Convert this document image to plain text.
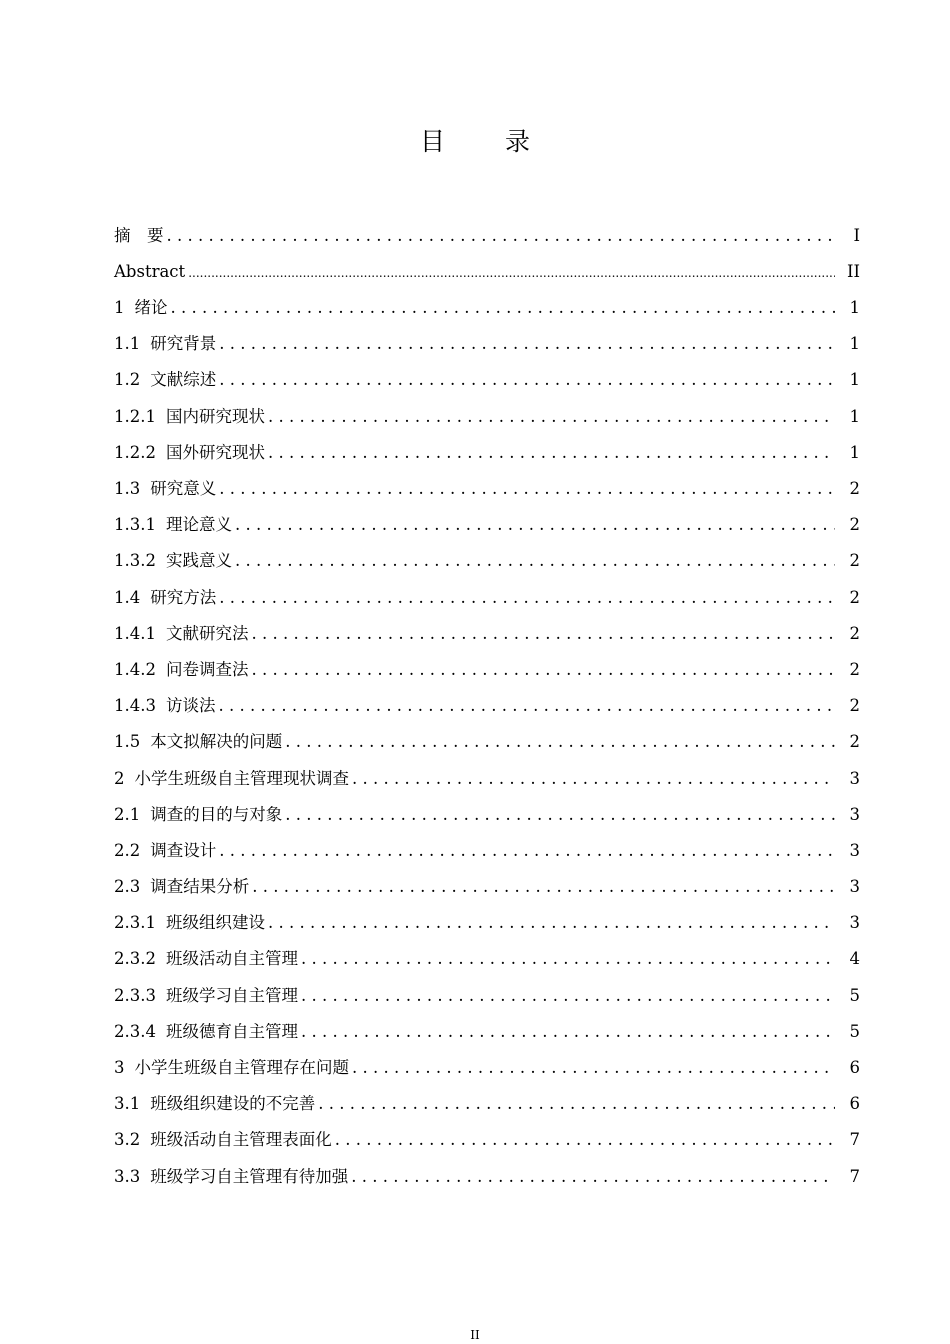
目 录
摘　要 . . .	I
Abstract .....	II
1 绪论 . . .	1
1.1 研究背景 . . .	1
1.2 文献综述 . . .	1
1.2.1 国内研究现状 . . .	1
1.2.2 国外研究现状 . . .	1
1.3 研究意义 . . .	2
1.3.1 理论意义 . . .	2
1.3.2 实践意义 . . .	2
1.4 研究方法 . . .	2
1.4.1 文献研究法 . . .	2
1.4.2 问卷调查法 . . .	2
1.4.3 访谈法 . . .	2
1.5 本文拟解决的问题 . . .	2
2 小学生班级自主管理现状调查 . . .	3
2.1 调查的目的与对象 . . .	3
2.2 调查设计 . . .	3
2.3 调查结果分析 . . .	3
2.3.1 班级组织建设 . . .	3
2.3.2 班级活动自主管理 . . .	4
2.3.3 班级学习自主管理 . . .	5
2.3.4 班级德育自主管理 . . .	5
3 小学生班级自主管理存在问题 . . .	6
3.1 班级组织建设的不完善 . . .	6
3.2 班级活动自主管理表面化 . . .	7
3.3 班级学习自主管理有待加强 . . .	7
II
